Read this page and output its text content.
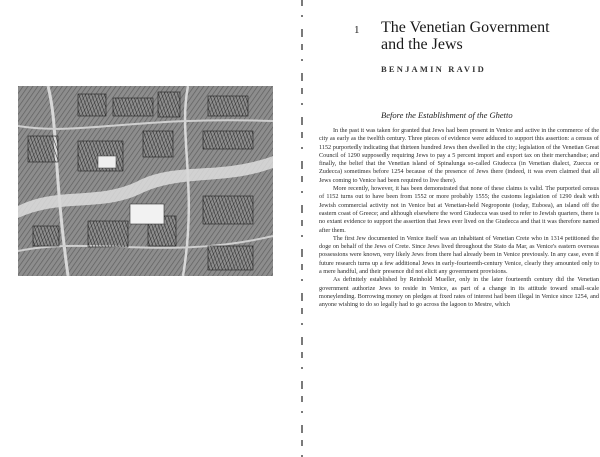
1 The Venetian Government
and the Jews
BENJAMIN RAVID
Before the Establishment of the Ghetto

In the past it was taken for granted that Jews had been present in Venice and active in the commerce of the city as early as the twelfth century. Three pieces of evidence were adduced to support this assertion: a census of 1152 purportedly indicating that thirteen hundred Jews then dwelled in the city; legislation of the Venetian Great Council of 1290 supposedly requiring Jews to pay a 5 percent import and export tax on their merchandise; and finally, the belief that the Venetian island of Spinalunga so-called Giudecca (in Venetian dialect, Zuecca or Zudecca) sometimes before 1254 because of the presence of Jews there (indeed, it was even claimed that all Jews coming to Venice had been required to live there).

More recently, however, it has been demonstrated that none of these claims is valid. The purported census of 1152 turns out to have been from 1552 or more probably 1555; the customs legislation of 1290 dealt with Jewish commercial activity not in Venice but at Venetian-held Negroponte (today, Euboea), an island off the eastern coast of Greece; and although elsewhere the word Giudecca was used to refer to Jewish quarters, there is no extant evidence to support the assertion that Jews ever lived on the Giudecca and that it was therefore named after them.

The first Jew documented in Venice itself was an inhabitant of Venetian Crete who in 1314 petitioned the doge on behalf of the Jews of Crete. Since Jews lived throughout the Stato da Mar, as Venice's eastern overseas possessions were known, very likely Jews from there had already been in Venice previously. In any case, even if future research turns up a few additional Jews in early-fourteenth-century Venice, clearly they amounted only to a mere handful, and their presence did not elicit any government provisions.

As definitely established by Reinhold Mueller, only in the later fourteenth century did the Venetian government authorize Jews to reside in Venice, as part of a change in its attitude toward small-scale moneylending. Borrowing money on pledges at fixed rates of interest had been illegal in Venice since 1254, and anyone wishing to do so legally had to go across the lagoon to Mestre, which
